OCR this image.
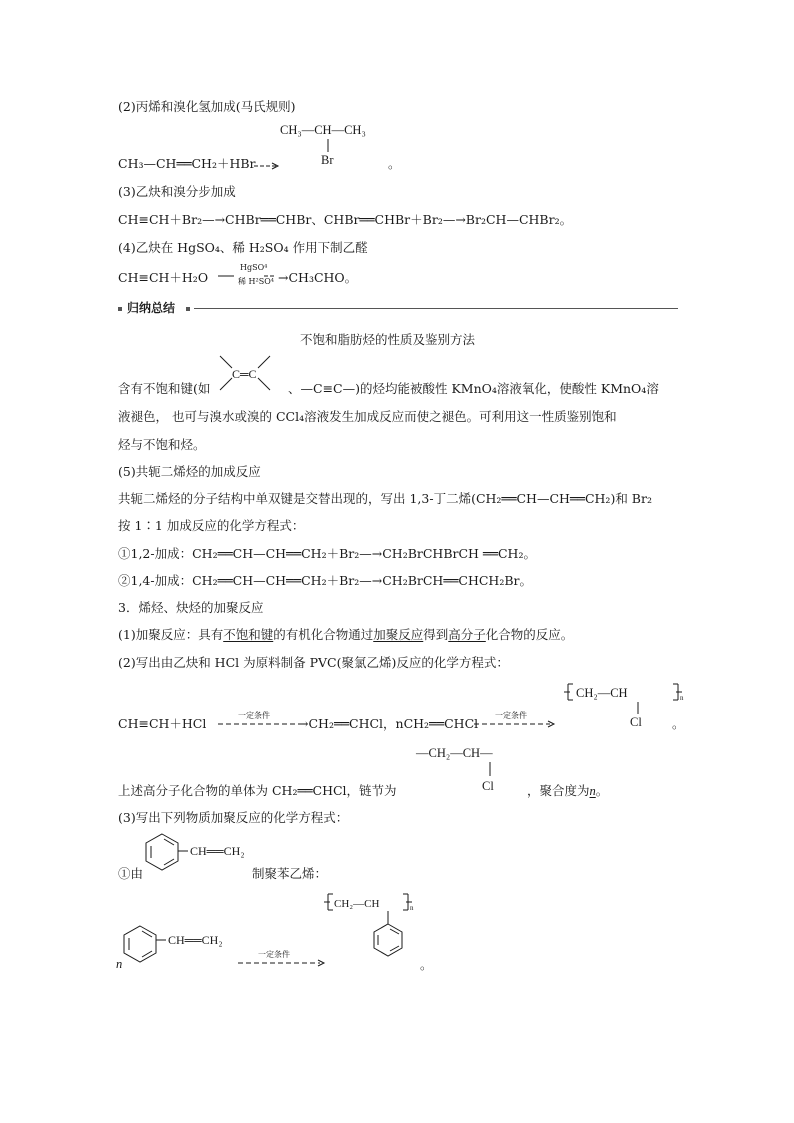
(2)丙烯和溴化氢加成(马氏规则)
CH₃—CH—CH₃
Br
CH₃—CH══CH₂＋HBr	。
(3)乙炔和溴分步加成
CH≡CH＋Br₂—→CHBr══CHBr、CHBr══CHBr＋Br₂—→Br₂CH—CHBr₂。
(4)乙炔在 HgSO₄、稀 H₂SO₄ 作用下制乙醛
CH≡CH＋H₂O
HgSO⁴
稀 H²SO⁴ →CH₃CHO。
归纳总结
不饱和脂肪烃的性质及鉴别方法
C═C
含有不饱和键(如	、—C≡C—)的烃均能被酸性 KMnO₄溶液氧化，使酸性 KMnO₄溶
液褪色， 也可与溴水或溴的 CCl₄溶液发生加成反应而使之褪色。可利用这一性质鉴别饱和
烃与不饱和烃。
(5)共轭二烯烃的加成反应
共轭二烯烃的分子结构中单双键是交替出现的，写出 1,3-丁二烯(CH₂══CH—CH══CH₂)和 Br₂
按 1∶1 加成反应的化学方程式：
①1,2-加成：CH₂══CH—CH══CH₂＋Br₂—→CH₂BrCHBrCH ══CH₂。
②1,4-加成：CH₂══CH—CH══CH₂＋Br₂—→CH₂BrCH══CHCH₂Br。
3．烯烃、炔烃的加聚反应
(1)加聚反应：具有不饱和键的有机化合物通过加聚反应得到高分子化合物的反应。
(2)写出由乙炔和 HCl 为原料制备 PVC(聚氯乙烯)反应的化学方程式：
CH₂—CH	n
Cl
CH≡CH＋HCl
一定条件
→CH₂══CHCl，nCH₂══CHCl
一定条件
。
—CH₂—CH—
Cl
上述高分子化合物的单体为 CH₂══CHCl，链节为	，聚合度为n。
(3)写出下列物质加聚反应的化学方程式：
CH══CH₂
①由	制聚苯乙烯：
CH₂—CH	n
CH══CH₂
n
一定条件
。
